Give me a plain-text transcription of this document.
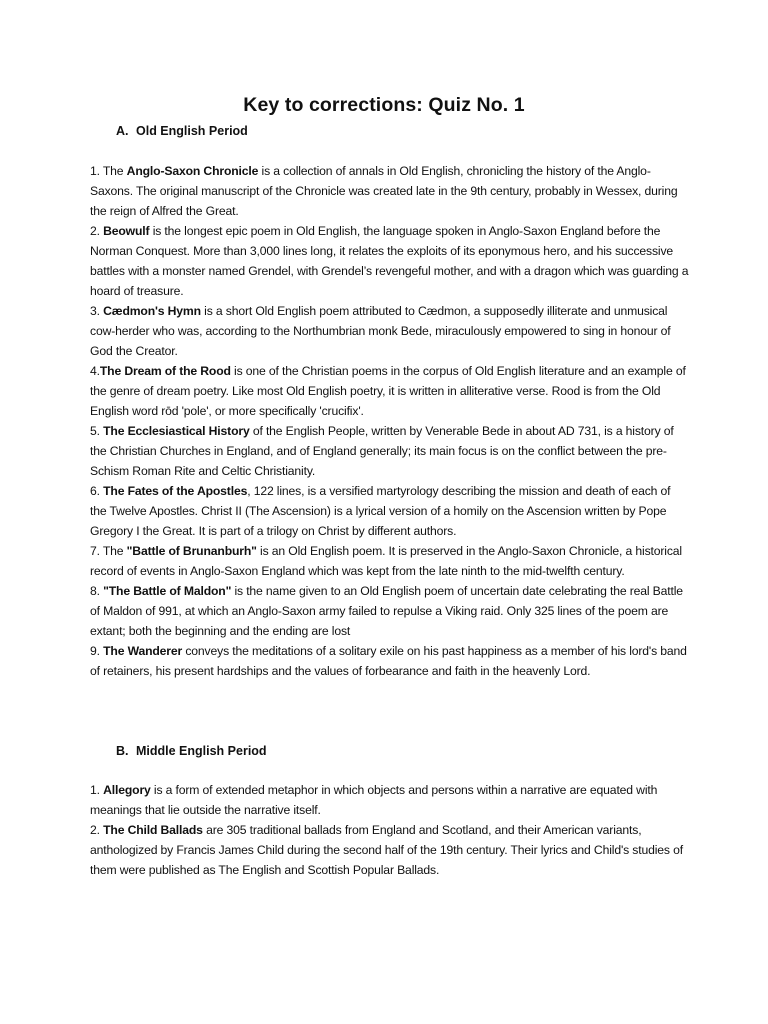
Key to corrections: Quiz No. 1
A. Old English Period

1. The Anglo-Saxon Chronicle is a collection of annals in Old English, chronicling the history of the Anglo-Saxons. The original manuscript of the Chronicle was created late in the 9th century, probably in Wessex, during the reign of Alfred the Great.

2. Beowulf is the longest epic poem in Old English, the language spoken in Anglo-Saxon England before the Norman Conquest. More than 3,000 lines long, it relates the exploits of its eponymous hero, and his successive battles with a monster named Grendel, with Grendel’s revengeful mother, and with a dragon which was guarding a hoard of treasure.

3. Cædmon's Hymn is a short Old English poem attributed to Cædmon, a supposedly illiterate and unmusical cow-herder who was, according to the Northumbrian monk Bede, miraculously empowered to sing in honour of God the Creator.

4.The Dream of the Rood is one of the Christian poems in the corpus of Old English literature and an example of the genre of dream poetry. Like most Old English poetry, it is written in alliterative verse. Rood is from the Old English word rōd 'pole', or more specifically 'crucifix'.

5. The Ecclesiastical History of the English People, written by Venerable Bede in about AD 731, is a history of the Christian Churches in England, and of England generally; its main focus is on the conflict between the pre-Schism Roman Rite and Celtic Christianity.

6. The Fates of the Apostles, 122 lines, is a versified martyrology describing the mission and death of each of the Twelve Apostles. Christ II (The Ascension) is a lyrical version of a homily on the Ascension written by Pope Gregory I the Great. It is part of a trilogy on Christ by different authors.

7. The "Battle of Brunanburh" is an Old English poem. It is preserved in the Anglo-Saxon Chronicle, a historical record of events in Anglo-Saxon England which was kept from the late ninth to the mid-twelfth century.

8. "The Battle of Maldon" is the name given to an Old English poem of uncertain date celebrating the real Battle of Maldon of 991, at which an Anglo-Saxon army failed to repulse a Viking raid. Only 325 lines of the poem are extant; both the beginning and the ending are lost

9. The Wanderer conveys the meditations of a solitary exile on his past happiness as a member of his lord's band of retainers, his present hardships and the values of forbearance and faith in the heavenly Lord.

B. Middle English Period

1. Allegory is a form of extended metaphor in which objects and persons within a narrative are equated with meanings that lie outside the narrative itself.

2. The Child Ballads are 305 traditional ballads from England and Scotland, and their American variants, anthologized by Francis James Child during the second half of the 19th century. Their lyrics and Child's studies of them were published as The English and Scottish Popular Ballads.
